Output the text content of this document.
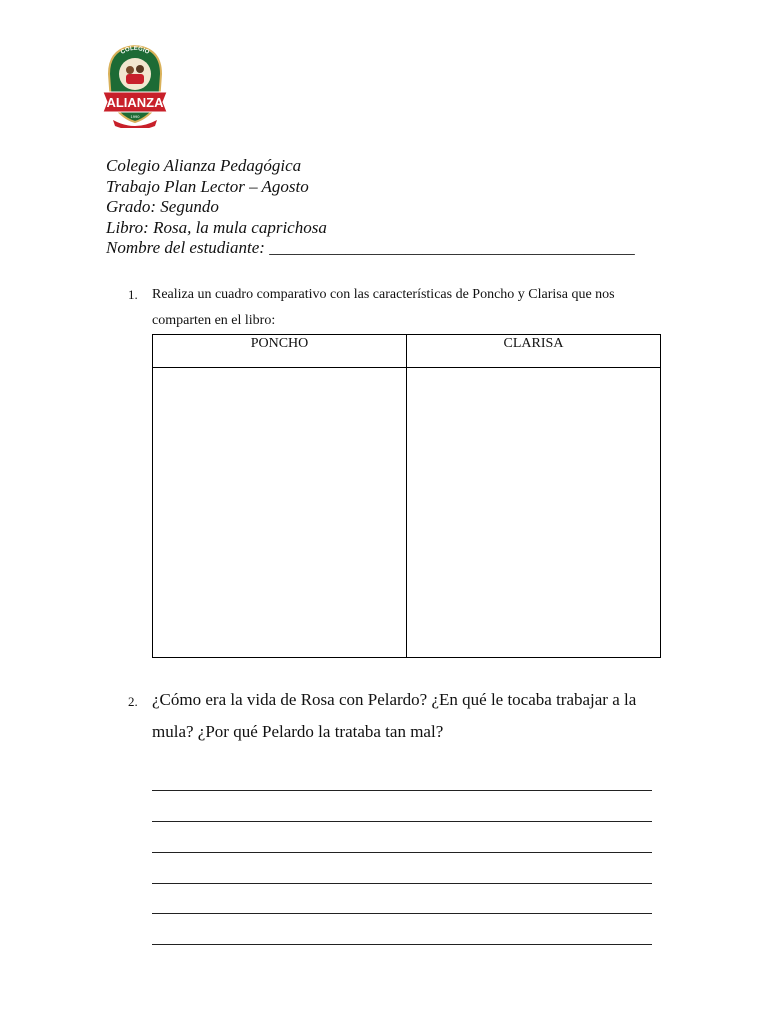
COLEGIO
ALIANZA
1990
Colegio Alianza Pedagógica
Trabajo Plan Lector – Agosto
Grado: Segundo
Libro: Rosa, la mula caprichosa
Nombre del estudiante: ___________________________________________
1. Realiza un cuadro comparativo con las características de Poncho y Clarisa que nos
comparten en el libro:
PONCHO	CLARISA

2. ¿Cómo era la vida de Rosa con Pelardo? ¿En qué le tocaba trabajar a la
mula? ¿Por qué Pelardo la trataba tan mal?
